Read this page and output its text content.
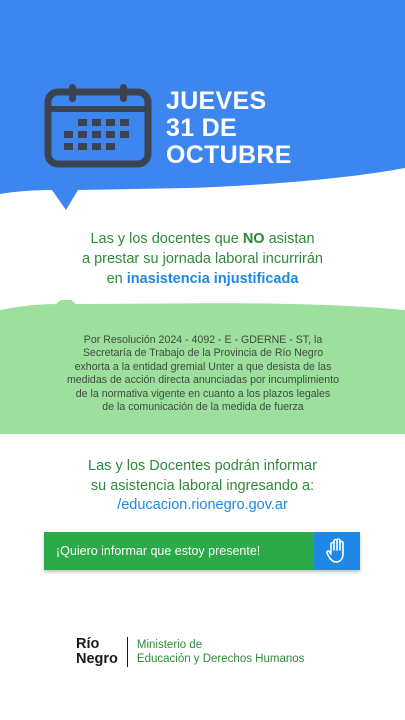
JUEVES
31 DE
OCTUBRE
Las y los docentes que NO asistan
a prestar su jornada laboral incurrirán
en inasistencia injustificada
Por Resolución 2024 - 4092 - E - GDERNE - ST, la
Secretaría de Trabajo de la Provincia de Río Negro
exhorta a la entidad gremial Unter a que desista de las
medidas de acción directa anunciadas por incumplimiento
de la normativa vigente en cuanto a los plazos legales
de la comunicación de la medida de fuerza
Las y los Docentes podrán informar
su asistencia laboral ingresando a:
/educacion.rionegro.gov.ar
¡Quiero informar que estoy presente!
Río
Negro
Ministerio de
Educación y Derechos Humanos
